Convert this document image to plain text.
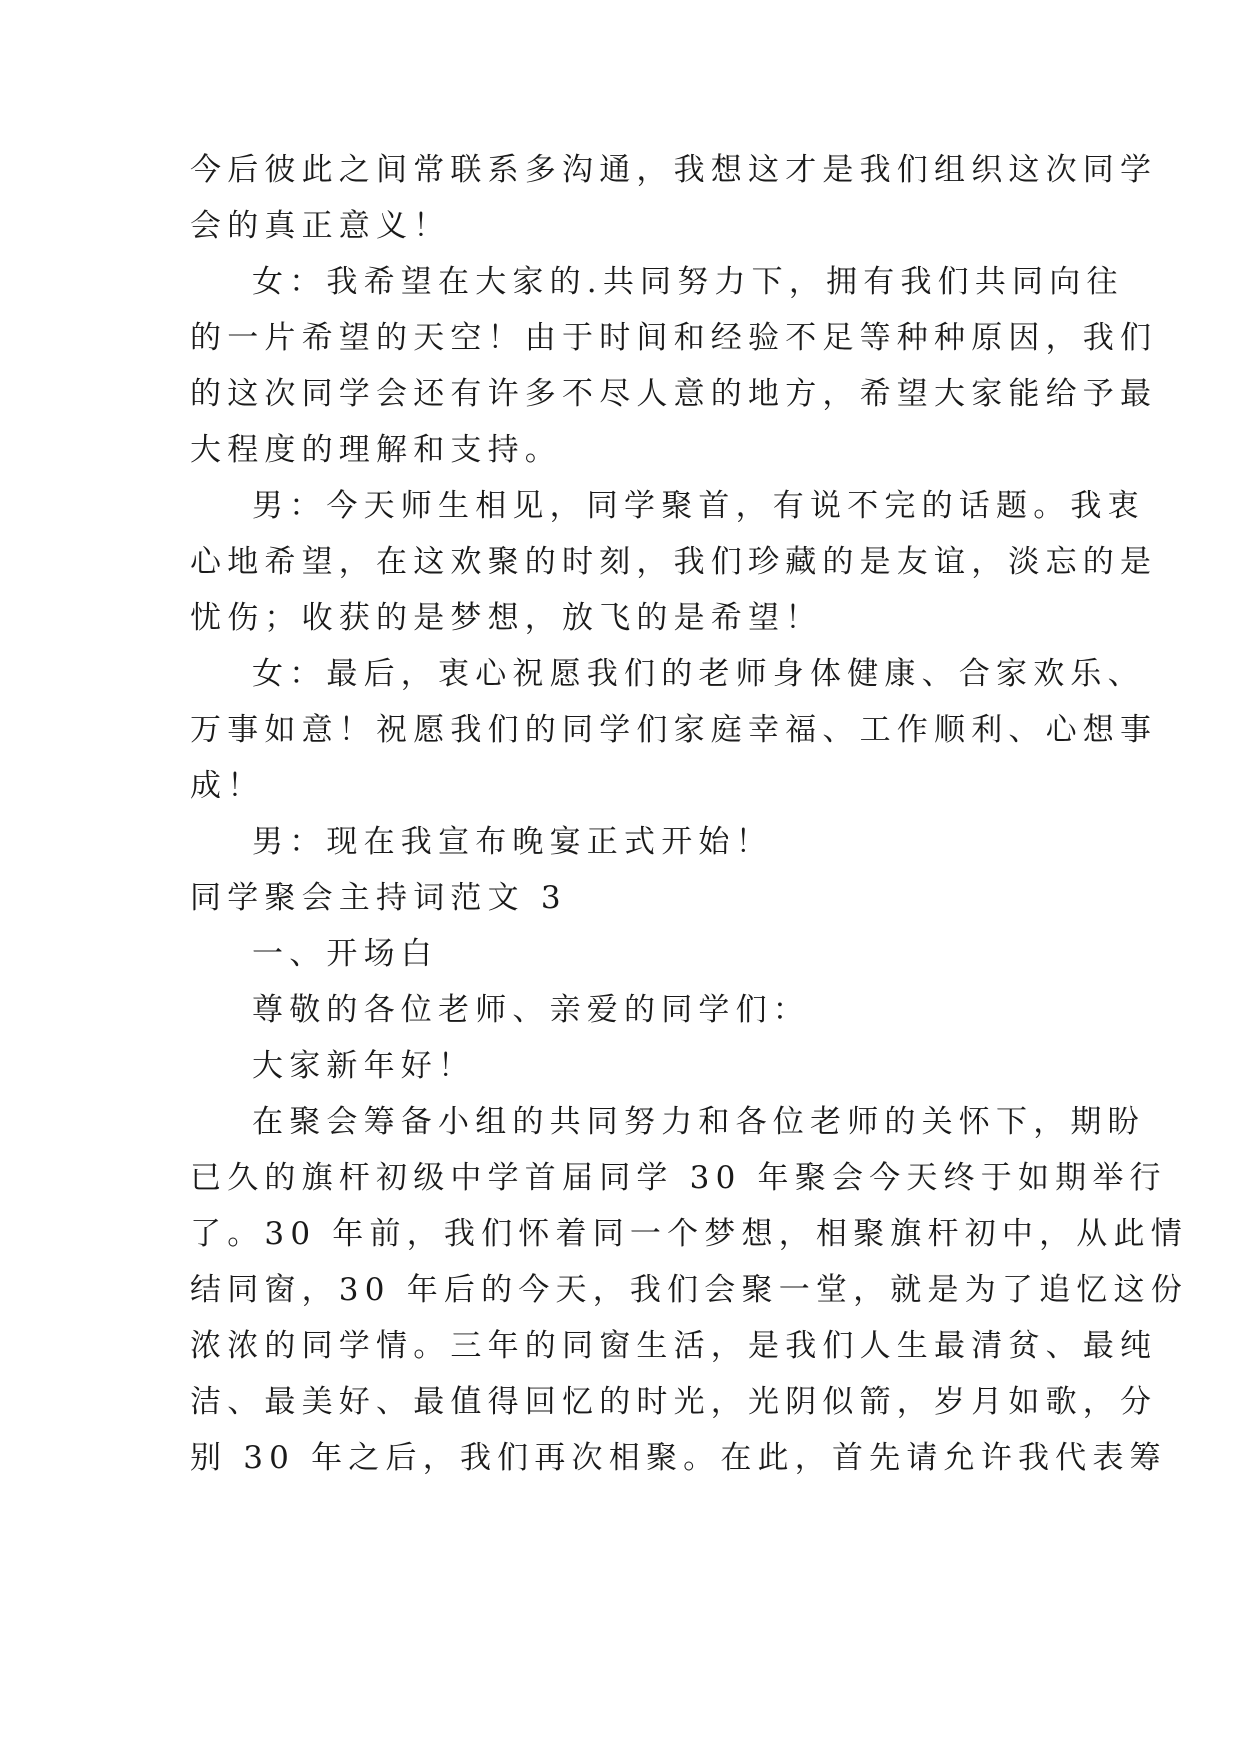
今后彼此之间常联系多沟通，我想这才是我们组织这次同学
会的真正意义！
女：我希望在大家的.共同努力下，拥有我们共同向往
的一片希望的天空！由于时间和经验不足等种种原因，我们
的这次同学会还有许多不尽人意的地方，希望大家能给予最
大程度的理解和支持。
男：今天师生相见，同学聚首，有说不完的话题。我衷
心地希望，在这欢聚的时刻，我们珍藏的是友谊，淡忘的是
忧伤；收获的是梦想，放飞的是希望！
女：最后，衷心祝愿我们的老师身体健康、合家欢乐、
万事如意！祝愿我们的同学们家庭幸福、工作顺利、心想事
成！
男：现在我宣布晚宴正式开始！
同学聚会主持词范文 3
一、开场白
尊敬的各位老师、亲爱的同学们：
大家新年好！
在聚会筹备小组的共同努力和各位老师的关怀下，期盼
已久的旗杆初级中学首届同学 30 年聚会今天终于如期举行
了。30 年前，我们怀着同一个梦想，相聚旗杆初中，从此情
结同窗，30 年后的今天，我们会聚一堂，就是为了追忆这份
浓浓的同学情。三年的同窗生活，是我们人生最清贫、最纯
洁、最美好、最值得回忆的时光，光阴似箭，岁月如歌，分
别 30 年之后，我们再次相聚。在此，首先请允许我代表筹
